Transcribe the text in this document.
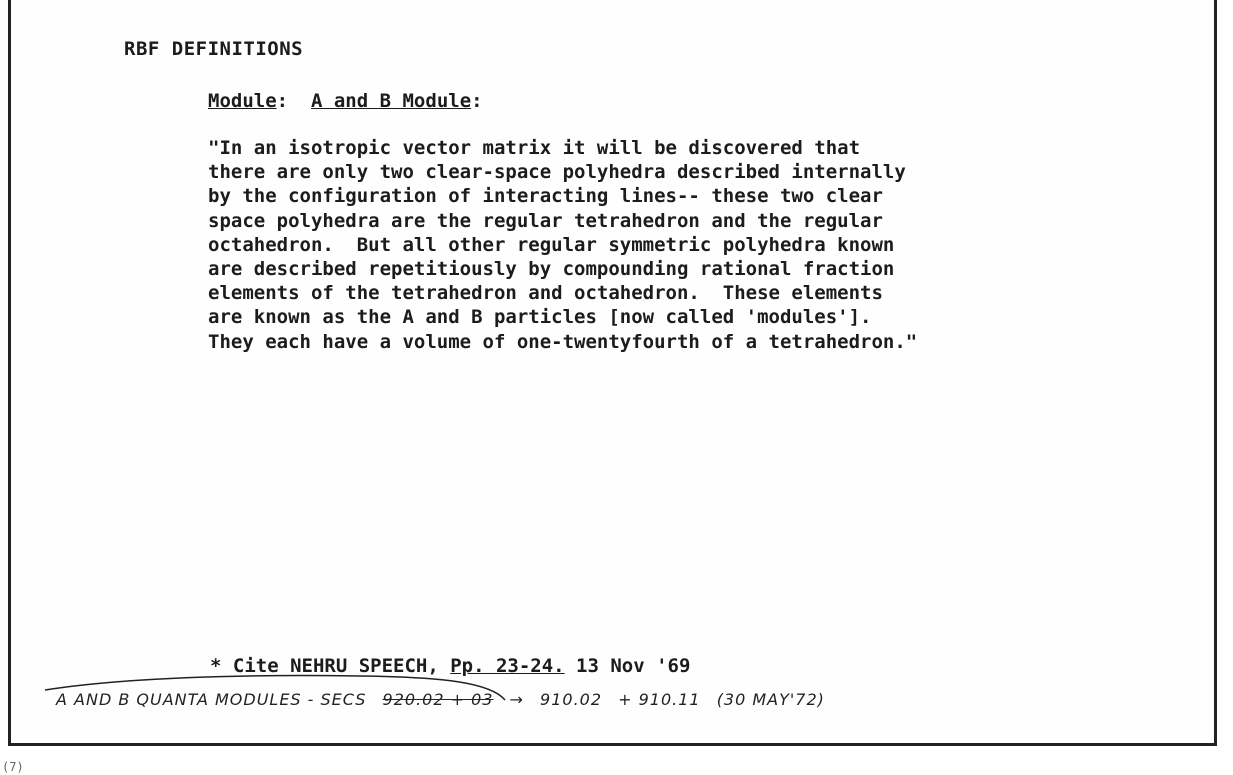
RBF DEFINITIONS
Module: A and B Module:
"In an isotropic vector matrix it will be discovered that
there are only two clear-space polyhedra described internally
by the configuration of interacting lines-- these two clear
space polyhedra are the regular tetrahedron and the regular
octahedron.  But all other regular symmetric polyhedra known
are described repetitiously by compounding rational fraction
elements of the tetrahedron and octahedron.  These elements
are known as the A and B particles [now called 'modules'].
They each have a volume of one-twentyfourth of a tetrahedron."
* Cite NEHRU SPEECH, Pp. 23-24. 13 Nov '69
A AND B QUANTA MODULES - SECS 920.02 + 03 → 910.02 + 910.11 (30 MAY'72)
(7)
